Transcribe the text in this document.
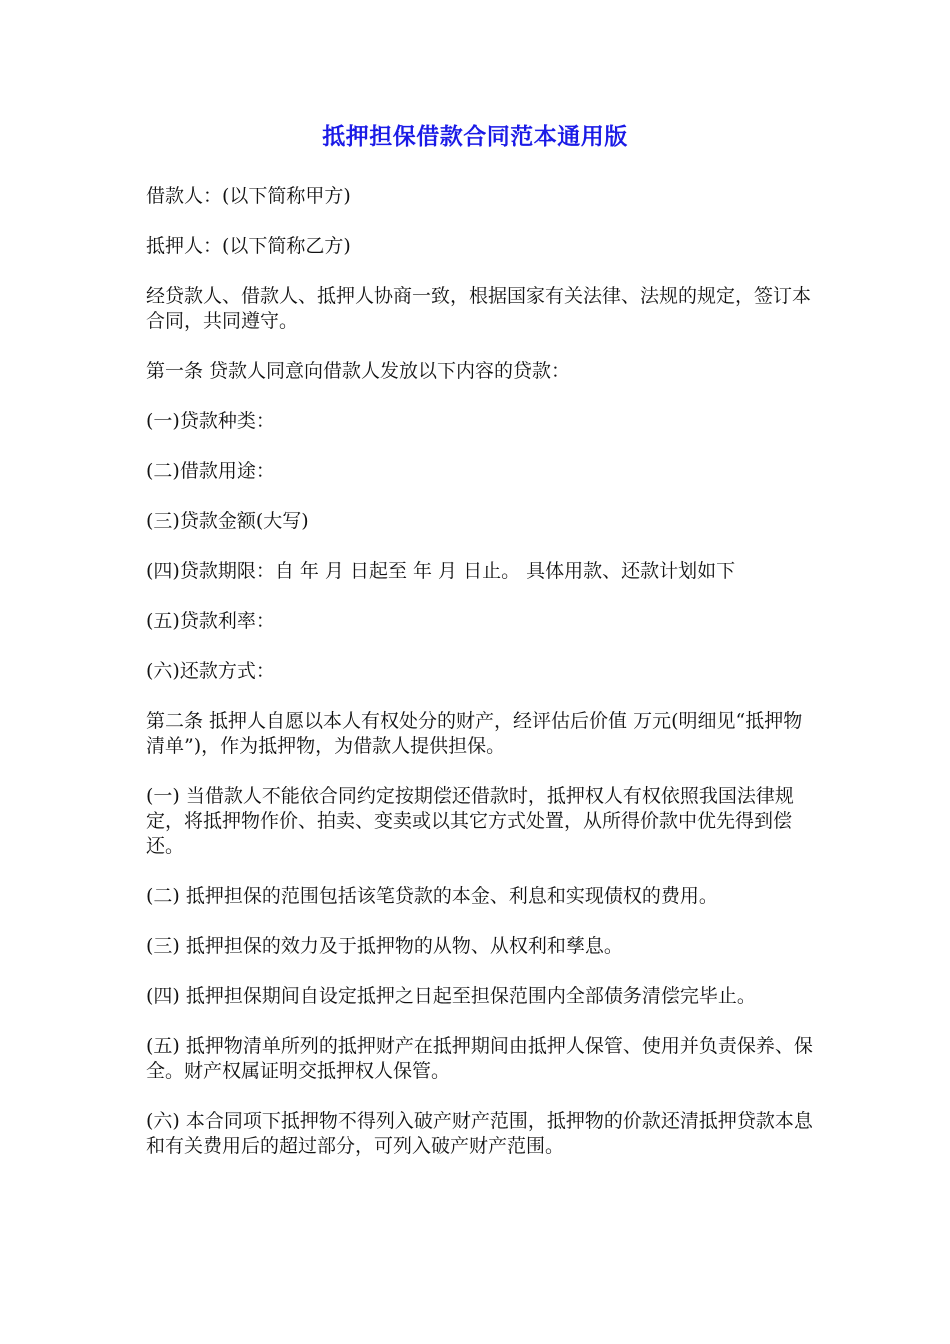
抵押担保借款合同范本通用版

借款人：(以下简称甲方)

抵押人：(以下简称乙方)

经贷款人、借款人、抵押人协商一致，根据国家有关法律、法规的规定，签订本合同，共同遵守。

第一条 贷款人同意向借款人发放以下内容的贷款：

(一)贷款种类：

(二)借款用途：

(三)贷款金额(大写)

(四)贷款期限：自 年 月 日起至 年 月 日止。 具体用款、还款计划如下

(五)贷款利率：

(六)还款方式：

第二条 抵押人自愿以本人有权处分的财产，经评估后价值 万元(明细见“抵押物清单”)，作为抵押物，为借款人提供担保。

(一) 当借款人不能依合同约定按期偿还借款时，抵押权人有权依照我国法律规定，将抵押物作价、拍卖、变卖或以其它方式处置，从所得价款中优先得到偿还。

(二) 抵押担保的范围包括该笔贷款的本金、利息和实现债权的费用。

(三) 抵押担保的效力及于抵押物的从物、从权利和孳息。

(四) 抵押担保期间自设定抵押之日起至担保范围内全部债务清偿完毕止。

(五) 抵押物清单所列的抵押财产在抵押期间由抵押人保管、使用并负责保养、保全。财产权属证明交抵押权人保管。

(六) 本合同项下抵押物不得列入破产财产范围，抵押物的价款还清抵押贷款本息和有关费用后的超过部分，可列入破产财产范围。
